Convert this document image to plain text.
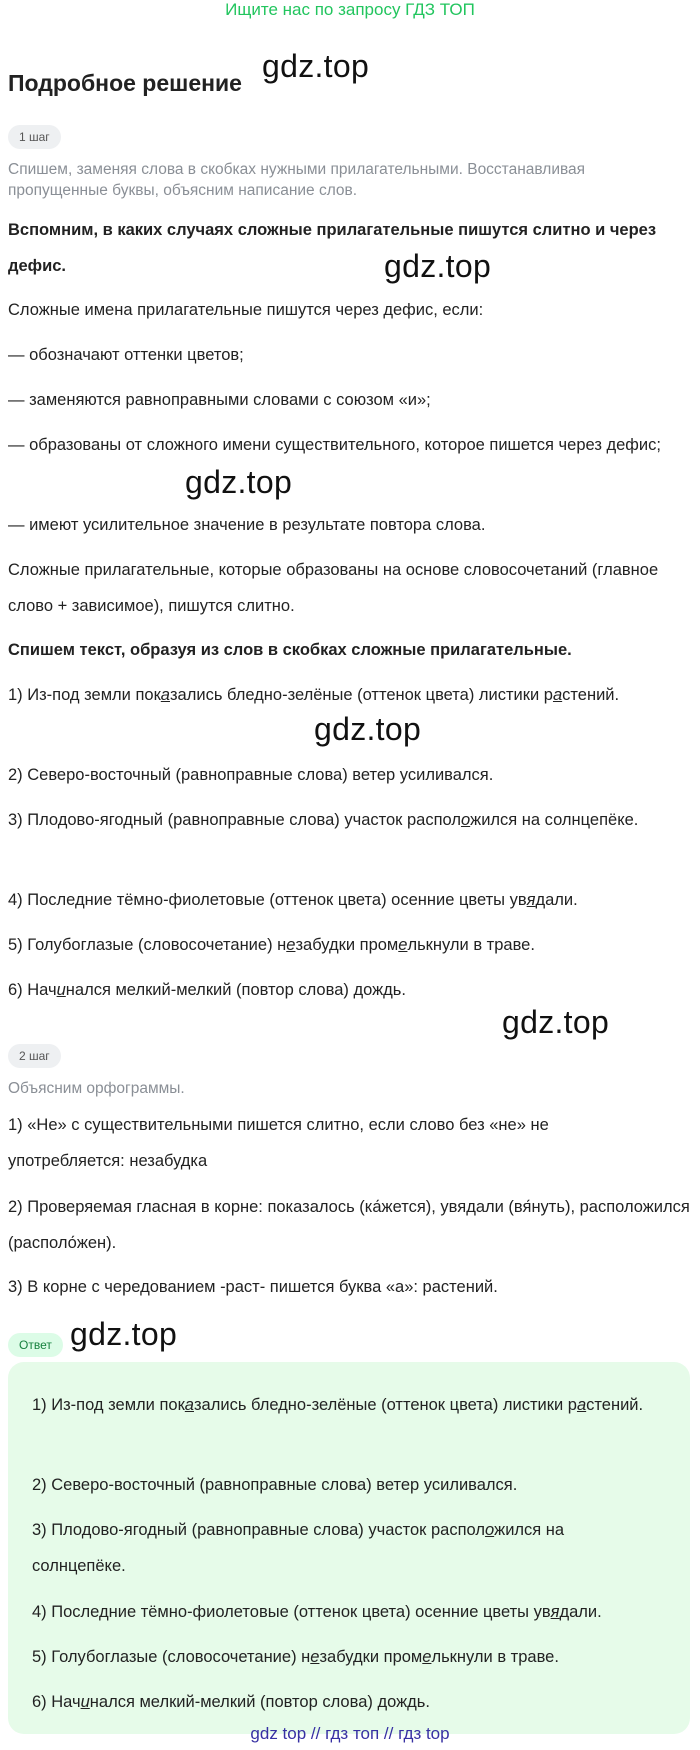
Ищите нас по запросу ГДЗ ТОП
Подробное решение gdz.top
gdz.top
gdz.top
gdz.top
gdz.top
gdz.top
1 шаг
Спишем, заменяя слова в скобках нужными прилагательными. Восстанавливая пропущенные буквы, объясним написание слов.
Вспомним, в каких случаях сложные прилагательные пишутся слитно и через дефис.
Сложные имена прилагательные пишутся через дефис, если:
— обозначают оттенки цветов;
— заменяются равноправными словами с союзом «и»;
— образованы от сложного имени существительного, которое пишется через дефис;
— имеют усилительное значение в результате повтора слова.
Сложные прилагательные, которые образованы на основе словосочетаний (главное слово + зависимое), пишутся слитно.
Спишем текст, образуя из слов в скобках сложные прилагательные.
1) Из-под земли показались бледно-зелёные (оттенок цвета) листики растений.
2) Северо-восточный (равноправные слова) ветер усиливался.
3) Плодово-ягодный (равноправные слова) участок расположился на солнцепёке.
4) Последние тёмно-фиолетовые (оттенок цвета) осенние цветы увядали.
5) Голубоглазые (словосочетание) незабудки промелькнули в траве.
6) Начинался мелкий-мелкий (повтор слова) дождь.
2 шаг
Объясним орфограммы.
1) «Не» с существительными пишется слитно, если слово без «не» не употребляется: незабудка
2) Проверяемая гласная в корне: показалось (ка́жется), увядали (вя́нуть), расположился (располо́жен).
3) В корне с чередованием -раст- пишется буква «а»: растений.
Ответ
1) Из-под земли показались бледно-зелёные (оттенок цвета) листики растений.
2) Северо-восточный (равноправные слова) ветер усиливался.
3) Плодово-ягодный (равноправные слова) участок расположился на солнцепёке.
4) Последние тёмно-фиолетовые (оттенок цвета) осенние цветы увядали.
5) Голубоглазые (словосочетание) незабудки промелькнули в траве.
6) Начинался мелкий-мелкий (повтор слова) дождь.
gdz top // гдз топ // гдз top
